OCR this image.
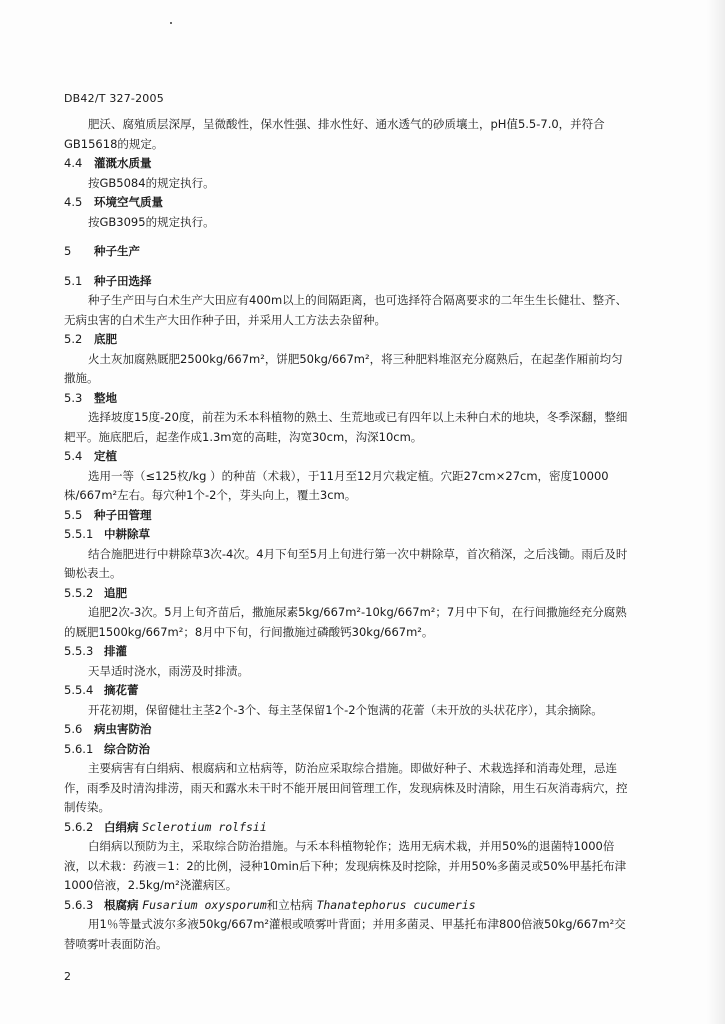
DB42/T 327-2005

肥沃、腐殖质层深厚，呈微酸性，保水性强、排水性好、通水透气的砂质壤土，pH值5.5-7.0，并符合GB15618的规定。

4.4 灌溉水质量

按GB5084的规定执行。

4.5 环境空气质量

按GB3095的规定执行。

5 种子生产

5.1 种子田选择

种子生产田与白术生产大田应有400m以上的间隔距离，也可选择符合隔离要求的二年生生长健壮、整齐、无病虫害的白术生产大田作种子田，并采用人工方法去杂留种。

5.2 底肥

火土灰加腐熟厩肥2500kg/667m²，饼肥50kg/667m²，将三种肥料堆沤充分腐熟后，在起垄作厢前均匀撒施。

5.3 整地

选择坡度15度-20度，前茬为禾本科植物的熟土、生荒地或已有四年以上未种白术的地块，冬季深翻，整细耙平。施底肥后，起垄作成1.3m宽的高畦，沟宽30cm，沟深10cm。

5.4 定植

选用一等（≤125枚/kg ）的种苗（术栽），于11月至12月穴栽定植。穴距27cm×27cm，密度10000株/667m²左右。每穴种1个-2个，芽头向上，覆土3cm。

5.5 种子田管理

5.5.1 中耕除草

结合施肥进行中耕除草3次-4次。4月下旬至5月上旬进行第一次中耕除草，首次稍深，之后浅锄。雨后及时锄松表土。

5.5.2 追肥

追肥2次-3次。5月上旬齐苗后，撒施尿素5kg/667m²-10kg/667m²；7月中下旬，在行间撒施经充分腐熟的厩肥1500kg/667m²；8月中下旬，行间撒施过磷酸钙30kg/667m²。

5.5.3 排灌

天旱适时浇水，雨涝及时排渍。

5.5.4 摘花蕾

开花初期，保留健壮主茎2个-3个、每主茎保留1个-2个饱满的花蕾（未开放的头状花序），其余摘除。

5.6 病虫害防治

5.6.1 综合防治

主要病害有白绢病、根腐病和立枯病等，防治应采取综合措施。即做好种子、术栽选择和消毒处理，忌连作，雨季及时清沟排涝，雨天和露水未干时不能开展田间管理工作，发现病株及时清除，用生石灰消毒病穴，控制传染。

5.6.2 白绢病 Sclerotium rolfsii

白绢病以预防为主，采取综合防治措施。与禾本科植物轮作；选用无病术栽，并用50%的退菌特1000倍液，以术栽：药液＝1：2的比例，浸种10min后下种；发现病株及时挖除，并用50%多菌灵或50%甲基托布津1000倍液，2.5kg/m²浇灌病区。

5.6.3 根腐病 Fusarium oxysporum和立枯病 Thanatephorus cucumeris

用1％等量式波尔多液50kg/667m²灌根或喷雾叶背面；并用多菌灵、甲基托布津800倍液50kg/667m²交替喷雾叶表面防治。

2
